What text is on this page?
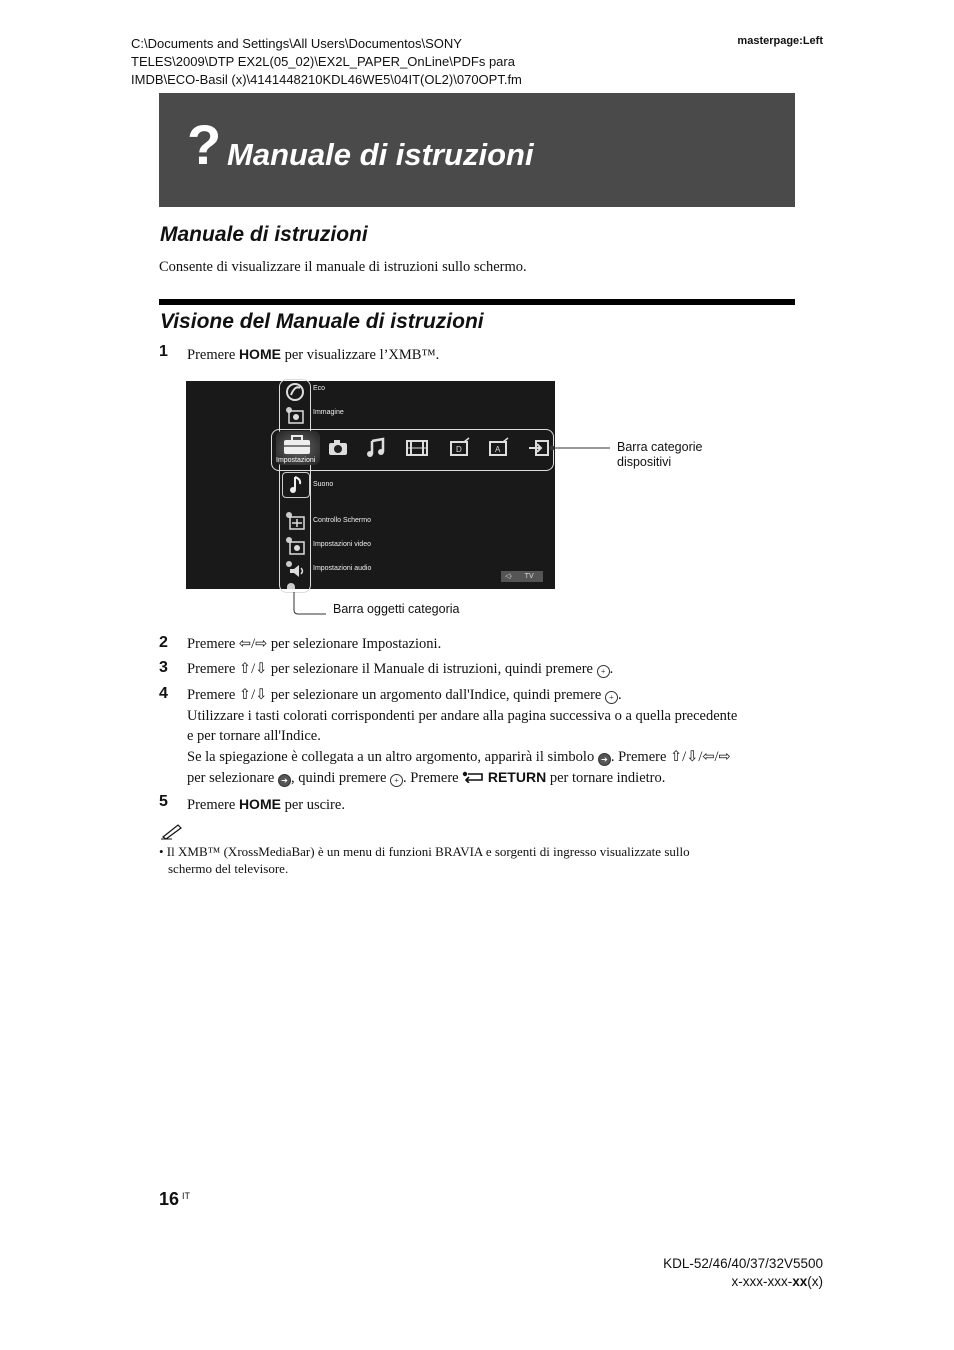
C:\Documents and Settings\All Users\Documentos\SONY
TELES\2009\DTP EX2L(05_02)\EX2L_PAPER_OnLine\PDFs para
IMDB\ECO-Basil (x)\4141448210KDL46WE5\04IT(OL2)\070OPT.fm
masterpage:Left
? Manuale di istruzioni
Manuale di istruzioni
Consente di visualizzare il manuale di istruzioni sullo schermo.
Visione del Manuale di istruzioni
1 Premere HOME per visualizzare l’XMB™.
Eco
Immagine
Impostazioni
D	A
Suono
Controllo Schermo
Impostazioni video
Impostazioni audio
◁· TV
Barra categorie
dispositivi
Barra oggetti categoria
2 Premere ⇦/⇨ per selezionare Impostazioni.
3 Premere ⇧/⇩ per selezionare il Manuale di istruzioni, quindi premere + .
4 Premere ⇧/⇩ per selezionare un argomento dall'Indice, quindi premere + .
Utilizzare i tasti colorati corrispondenti per andare alla pagina successiva o a quella precedente
e per tornare all'Indice.
Se la spiegazione è collegata a un altro argomento, apparirà il simbolo ➔ . Premere ⇧/⇩/⇦/⇨
per selezionare ➔ , quindi premere + . Premere  RETURN per tornare indietro.
5 Premere HOME per uscire.
• Il XMB™ (XrossMediaBar) è un menu di funzioni BRAVIA e sorgenti di ingresso visualizzate sullo
schermo del televisore.
16 $^{IT}$
KDL-52/46/40/37/32V5500
x-xxx-xxx-xx(x)
